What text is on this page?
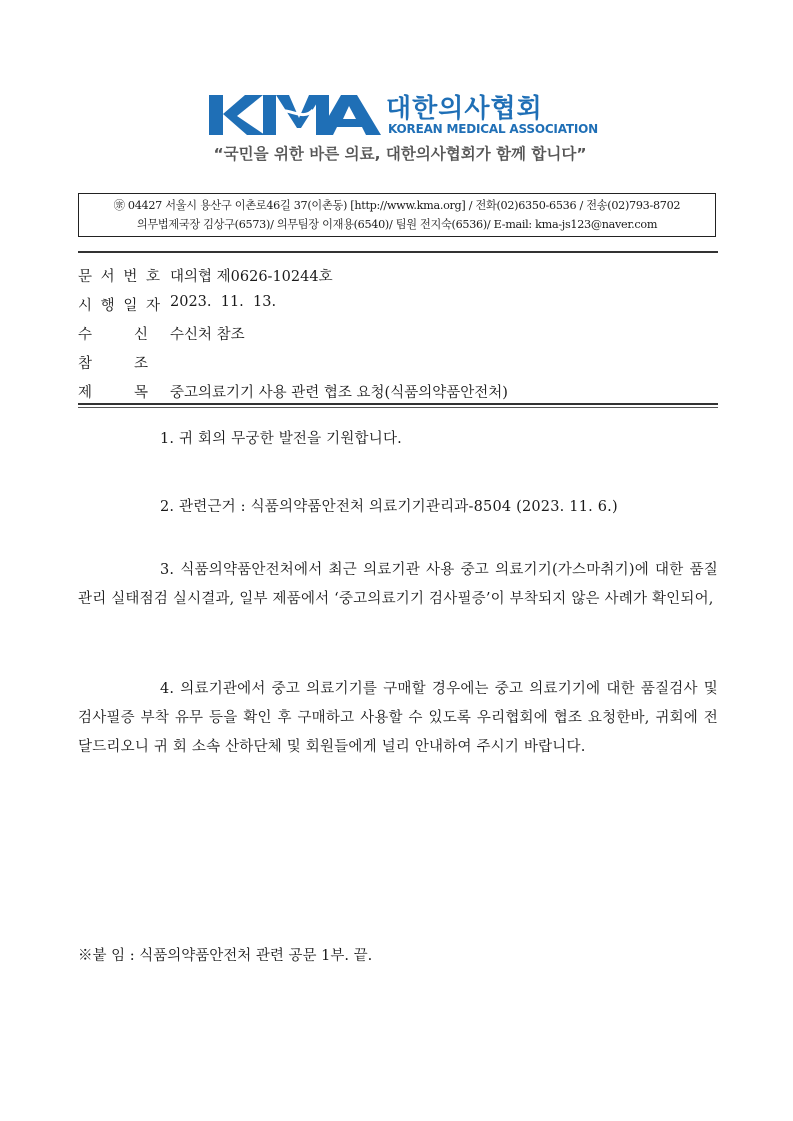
대한의사협회
KOREAN MEDICAL ASSOCIATION
“국민을 위한 바른 의료, 대한의사협회가 함께 합니다”
㊪ 04427 서울시 용산구 이촌로46길 37(이촌동) [http://www.kma.org] / 전화(02)6350-6536 / 전송(02)793-8702
의무법제국장 김상구(6573)/ 의무팀장 이재용(6540)/ 팀원 전지숙(6536)/ E-mail: kma-js123@naver.com
문 서 번 호 대의협 제0626-10244호
시 행 일 자 2023.  11.  13.
수	신 수신처 참조
참	조
제	목 중고의료기기 사용 관련 협조 요청(식품의약품안전처)
1. 귀 회의 무궁한 발전을 기원합니다.
2. 관련근거 : 식품의약품안전처 의료기기관리과-8504 (2023. 11. 6.)
3. 식품의약품안전처에서 최근 의료기관 사용 중고 의료기기(가스마취기)에 대한 품질관리 실태점검 실시결과, 일부 제품에서 ‘중고의료기기 검사필증’이 부착되지 않은 사례가 확인되어,
4. 의료기관에서 중고 의료기기를 구매할 경우에는 중고 의료기기에 대한 품질검사 및 검사필증 부착 유무 등을 확인 후 구매하고 사용할 수 있도록 우리협회에 협조 요청한바, 귀회에 전달드리오니 귀 회 소속 산하단체 및 회원들에게 널리 안내하여 주시기 바랍니다.
※붙 임 : 식품의약품안전처 관련 공문 1부. 끝.
